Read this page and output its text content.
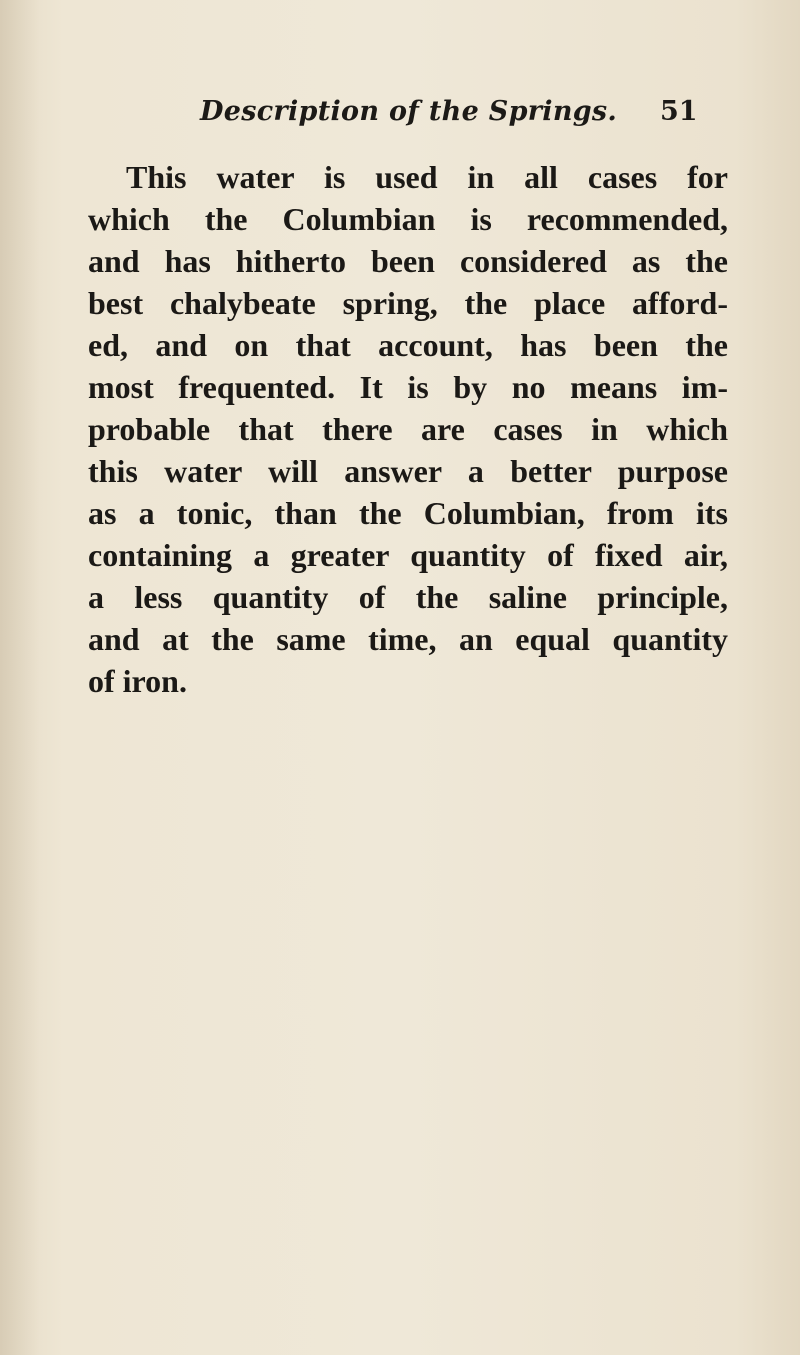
Description of the Springs. 51
This water is used in all cases for
which the Columbian is recommended,
and has hitherto been considered as the
best chalybeate spring, the place afford-
ed, and on that account, has been the
most frequented. It is by no means im-
probable that there are cases in which
this water will answer a better purpose
as a tonic, than the Columbian, from its
containing a greater quantity of fixed air,
a less quantity of the saline principle,
and at the same time, an equal quantity
of iron.
